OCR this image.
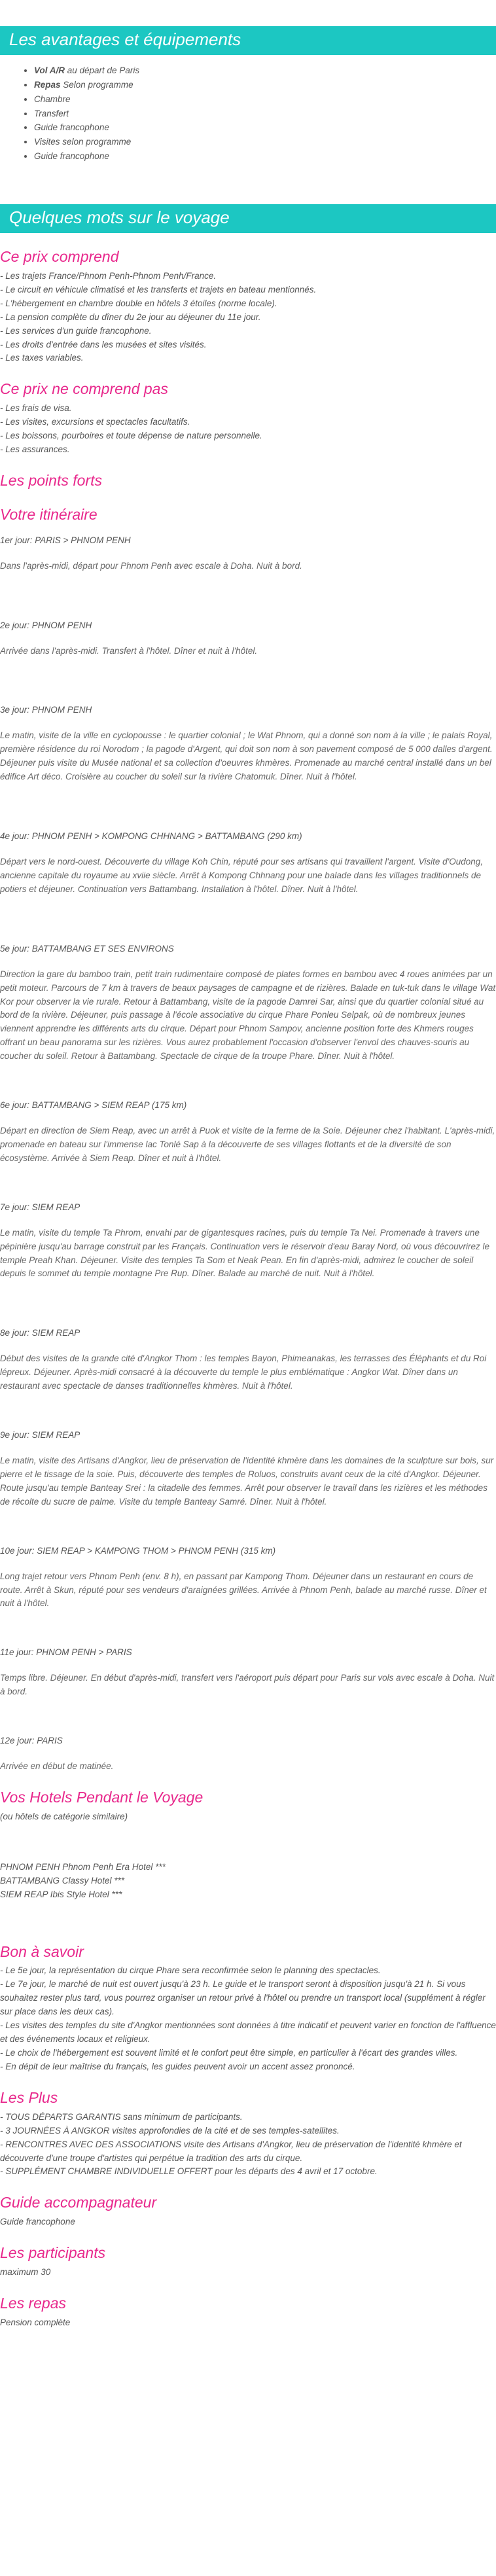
Les avantages et équipements
• Vol A/R au départ de Paris
• Repas Selon programme
• Chambre
• Transfert
• Guide francophone
• Visites selon programme
• Guide francophone
Quelques mots sur le voyage
Ce prix comprend

- Les trajets France/Phnom Penh-Phnom Penh/France.

- Le circuit en véhicule climatisé et les transferts et trajets en bateau mentionnés.

- L'hébergement en chambre double en hôtels 3 étoiles (norme locale).

- La pension complète du dîner du 2e jour au déjeuner du 11e jour.

- Les services d'un guide francophone.

- Les droits d'entrée dans les musées et sites visités.

- Les taxes variables.

Ce prix ne comprend pas

- Les frais de visa.

- Les visites, excursions et spectacles facultatifs.

- Les boissons, pourboires et toute dépense de nature personnelle.

- Les assurances.

Les points forts
Votre itinéraire
1er jour: PARIS > PHNOM PENH

Dans l'après-midi, départ pour Phnom Penh avec escale à Doha. Nuit à bord.

2e jour: PHNOM PENH

Arrivée dans l'après-midi. Transfert à l'hôtel. Dîner et nuit à l'hôtel.

3e jour: PHNOM PENH

Le matin, visite de la ville en cyclopousse : le quartier colonial ; le Wat Phnom, qui a donné son nom à la ville ; le palais Royal, première résidence du roi Norodom ; la pagode d'Argent, qui doit son nom à son pavement composé de 5 000 dalles d'argent. Déjeuner puis visite du Musée national et sa collection d'oeuvres khmères. Promenade au marché central installé dans un bel édifice Art déco. Croisière au coucher du soleil sur la rivière Chatomuk. Dîner. Nuit à l'hôtel.

4e jour: PHNOM PENH > KOMPONG CHHNANG > BATTAMBANG (290 km)

Départ vers le nord-ouest. Découverte du village Koh Chin, réputé pour ses artisans qui travaillent l'argent. Visite d'Oudong, ancienne capitale du royaume au xviie siècle. Arrêt à Kompong Chhnang pour une balade dans les villages traditionnels de potiers et déjeuner. Continuation vers Battambang. Installation à l'hôtel. Dîner. Nuit à l'hôtel.

5e jour: BATTAMBANG ET SES ENVIRONS

Direction la gare du bamboo train, petit train rudimentaire composé de plates formes en bambou avec 4 roues animées par un petit moteur. Parcours de 7 km à travers de beaux paysages de campagne et de rizières. Balade en tuk-tuk dans le village Wat Kor pour observer la vie rurale. Retour à Battambang, visite de la pagode Damrei Sar, ainsi que du quartier colonial situé au bord de la rivière. Déjeuner, puis passage à l'école associative du cirque Phare Ponleu Selpak, où de nombreux jeunes viennent apprendre les différents arts du cirque. Départ pour Phnom Sampov, ancienne position forte des Khmers rouges offrant un beau panorama sur les rizières. Vous aurez probablement l'occasion d'observer l'envol des chauves-souris au coucher du soleil. Retour à Battambang. Spectacle de cirque de la troupe Phare. Dîner. Nuit à l'hôtel.

6e jour: BATTAMBANG > SIEM REAP (175 km)

Départ en direction de Siem Reap, avec un arrêt à Puok et visite de la ferme de la Soie. Déjeuner chez l'habitant. L'après-midi, promenade en bateau sur l'immense lac Tonlé Sap à la découverte de ses villages flottants et de la diversité de son écosystème. Arrivée à Siem Reap. Dîner et nuit à l'hôtel.

7e jour: SIEM REAP

Le matin, visite du temple Ta Phrom, envahi par de gigantesques racines, puis du temple Ta Nei. Promenade à travers une pépinière jusqu'au barrage construit par les Français. Continuation vers le réservoir d'eau Baray Nord, où vous découvrirez le temple Preah Khan. Déjeuner. Visite des temples Ta Som et Neak Pean. En fin d'après-midi, admirez le coucher de soleil depuis le sommet du temple montagne Pre Rup. Dîner. Balade au marché de nuit. Nuit à l'hôtel.

8e jour: SIEM REAP

Début des visites de la grande cité d'Angkor Thom : les temples Bayon, Phimeanakas, les terrasses des Éléphants et du Roi lépreux. Déjeuner. Après-midi consacré à la découverte du temple le plus emblématique : Angkor Wat. Dîner dans un restaurant avec spectacle de danses traditionnelles khmères. Nuit à l'hôtel.

9e jour: SIEM REAP

Le matin, visite des Artisans d'Angkor, lieu de préservation de l'identité khmère dans les domaines de la sculpture sur bois, sur pierre et le tissage de la soie. Puis, découverte des temples de Roluos, construits avant ceux de la cité d'Angkor. Déjeuner. Route jusqu'au temple Banteay Srei : la citadelle des femmes. Arrêt pour observer le travail dans les rizières et les méthodes de récolte du sucre de palme. Visite du temple Banteay Samré. Dîner. Nuit à l'hôtel.

10e jour: SIEM REAP > KAMPONG THOM > PHNOM PENH (315 km)

Long trajet retour vers Phnom Penh (env. 8 h), en passant par Kampong Thom. Déjeuner dans un restaurant en cours de route. Arrêt à Skun, réputé pour ses vendeurs d'araignées grillées. Arrivée à Phnom Penh, balade au marché russe. Dîner et nuit à l'hôtel.

11e jour: PHNOM PENH > PARIS

Temps libre. Déjeuner. En début d'après-midi, transfert vers l'aéroport puis départ pour Paris sur vols avec escale à Doha. Nuit à bord.

12e jour: PARIS

Arrivée en début de matinée.

Vos Hotels Pendant le Voyage

(ou hôtels de catégorie similaire)

PHNOM PENH Phnom Penh Era Hotel ***

BATTAMBANG Classy Hotel ***

SIEM REAP Ibis Style Hotel ***

Bon à savoir

- Le 5e jour, la représentation du cirque Phare sera reconfirmée selon le planning des spectacles.

- Le 7e jour, le marché de nuit est ouvert jusqu'à 23 h. Le guide et le transport seront à disposition jusqu'à 21 h. Si vous souhaitez rester plus tard, vous pourrez organiser un retour privé à l'hôtel ou prendre un transport local (supplément à régler sur place dans les deux cas).

- Les visites des temples du site d'Angkor mentionnées sont données à titre indicatif et peuvent varier en fonction de l'affluence et des événements locaux et religieux.

- Le choix de l'hébergement est souvent limité et le confort peut être simple, en particulier à l'écart des grandes villes.

- En dépit de leur maîtrise du français, les guides peuvent avoir un accent assez prononcé.

Les Plus

- TOUS DÉPARTS GARANTIS sans minimum de participants.

- 3 JOURNÉES À ANGKOR visites approfondies de la cité et de ses temples-satellites.

- RENCONTRES AVEC DES ASSOCIATIONS visite des Artisans d'Angkor, lieu de préservation de l'identité khmère et découverte d'une troupe d'artistes qui perpétue la tradition des arts du cirque.

- SUPPLÉMENT CHAMBRE INDIVIDUELLE OFFERT pour les départs des 4 avril et 17 octobre.

Guide accompagnateur

Guide francophone

Les participants

maximum 30

Les repas

Pension complète
